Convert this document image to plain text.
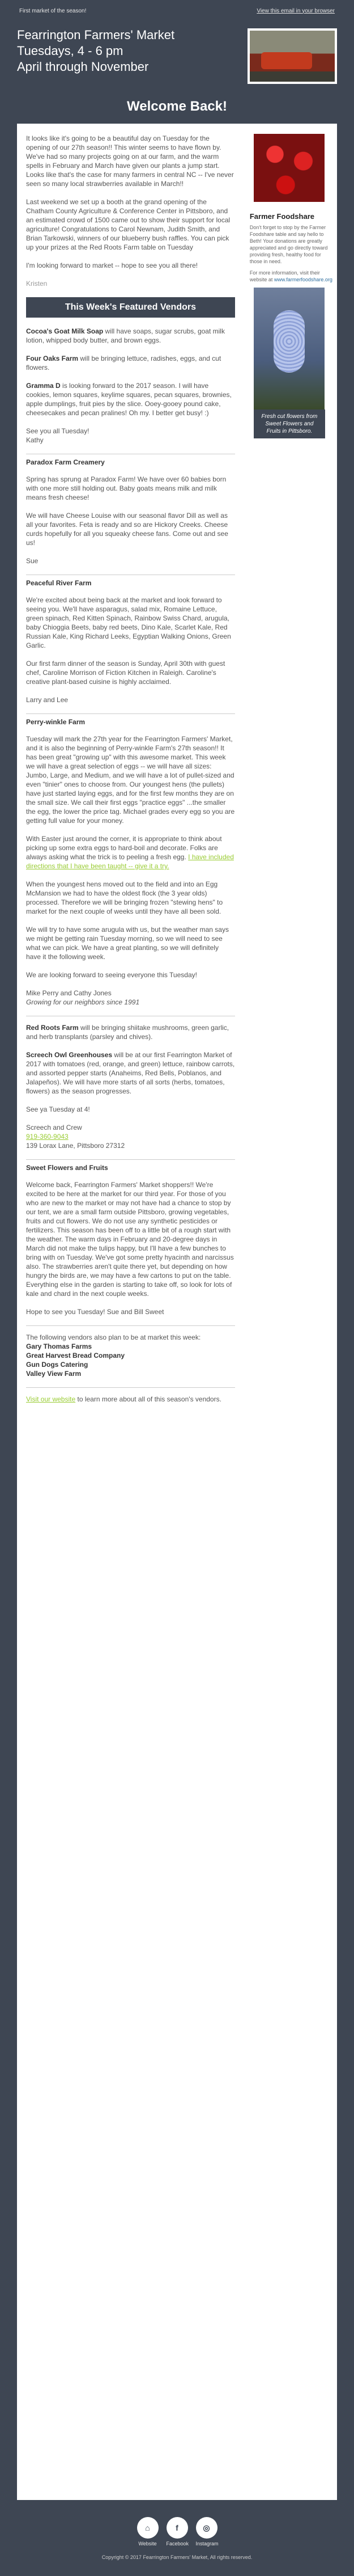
First market of the season!	View this email in your browser
Fearrington Farmers' Market
Tuesdays, 4 - 6 pm
April through November
Welcome Back!

It looks like it's going to be a beautiful day on Tuesday for the opening of our 27th season!! This winter seems to have flown by. We've had so many projects going on at our farm, and the warm spells in February and March have given our plants a jump start. Looks like that's the case for many farmers in central NC -- I've never seen so many local strawberries available in March!!

Last weekend we set up a booth at the grand opening of the Chatham County Agriculture & Conference Center in Pittsboro, and an estimated crowd of 1500 came out to show their support for local agriculture! Congratulations to Carol Newnam, Judith Smith, and Brian Tarkowski, winners of our blueberry bush raffles. You can pick up your prizes at the Red Roots Farm table on Tuesday

I'm looking forward to market -- hope to see you all there!

Kristen

This Week's Featured Vendors

Cocoa's Goat Milk Soap will have soaps, sugar scrubs, goat milk lotion, whipped body butter, and brown eggs.

Four Oaks Farm will be bringing lettuce, radishes, eggs, and cut flowers.

Gramma D is looking forward to the 2017 season. I will have cookies, lemon squares, keylime squares, pecan squares, brownies, apple dumplings, fruit pies by the slice. Ooey-gooey pound cake, cheesecakes and pecan pralines! Oh my. I better get busy! :)

See you all Tuesday!
Kathy

Paradox Farm Creamery

Spring has sprung at Paradox Farm! We have over 60 babies born with one more still holding out. Baby goats means milk and milk means fresh cheese!

We will have Cheese Louise with our seasonal flavor Dill as well as all your favorites. Feta is ready and so are Hickory Creeks. Cheese curds hopefully for all you squeaky cheese fans. Come out and see us!

Sue

Peaceful River Farm

We're excited about being back at the market and look forward to seeing you. We'll have asparagus, salad mix, Romaine Lettuce, green spinach, Red Kitten Spinach, Rainbow Swiss Chard, arugula, baby Chioggia Beets, baby red beets, Dino Kale, Scarlet Kale, Red Russian Kale, King Richard Leeks, Egyptian Walking Onions, Green Garlic.

Our first farm dinner of the season is Sunday, April 30th with guest chef, Caroline Morrison of Fiction Kitchen in Raleigh. Caroline's creative plant-based cuisine is highly acclaimed.

Larry and Lee

Perry-winkle Farm

Tuesday will mark the 27th year for the Fearrington Farmers' Market, and it is also the beginning of Perry-winkle Farm's 27th season!! It has been great "growing up" with this awesome market. This week we will have a great selection of eggs -- we will have all sizes: Jumbo, Large, and Medium, and we will have a lot of pullet-sized and even "tinier" ones to choose from. Our youngest hens (the pullets) have just started laying eggs, and for the first few months they are on the small size. We call their first eggs "practice eggs" ...the smaller the egg, the lower the price tag. Michael grades every egg so you are getting full value for your money.

With Easter just around the corner, it is appropriate to think about picking up some extra eggs to hard-boil and decorate. Folks are always asking what the trick is to peeling a fresh egg. I have included directions that I have been taught -- give it a try.

When the youngest hens moved out to the field and into an Egg McMansion we had to have the oldest flock (the 3 year olds) processed. Therefore we will be bringing frozen "stewing hens" to market for the next couple of weeks until they have all been sold.

We will try to have some arugula with us, but the weather man says we might be getting rain Tuesday morning, so we will need to see what we can pick. We have a great planting, so we will definitely have it the following week.

We are looking forward to seeing everyone this Tuesday!

Mike Perry and Cathy Jones
Growing for our neighbors since 1991

Red Roots Farm will be bringing shiitake mushrooms, green garlic, and herb transplants (parsley and chives).

Screech Owl Greenhouses will be at our first Fearrington Market of 2017 with tomatoes (red, orange, and green) lettuce, rainbow carrots, and assorted pepper starts (Anaheims, Red Bells, Poblanos, and Jalapeños). We will have more starts of all sorts (herbs, tomatoes, flowers) as the season progresses.

See ya Tuesday at 4!

Screech and Crew
919-360-9043
139 Lorax Lane, Pittsboro 27312

Sweet Flowers and Fruits

Welcome back, Fearrington Farmers' Market shoppers!! We're excited to be here at the market for our third year. For those of you who are new to the market or may not have had a chance to stop by our tent, we are a small farm outside Pittsboro, growing vegetables, fruits and cut flowers. We do not use any synthetic pesticides or fertilizers. This season has been off to a little bit of a rough start with the weather. The warm days in February and 20-degree days in March did not make the tulips happy, but I'll have a few bunches to bring with on Tuesday. We've got some pretty hyacinth and narcissus also. The strawberries aren't quite there yet, but depending on how hungry the birds are, we may have a few cartons to put on the table. Everything else in the garden is starting to take off, so look for lots of kale and chard in the next couple weeks.

Hope to see you Tuesday! Sue and Bill Sweet

The following vendors also plan to be at market this week:
Gary Thomas Farms
Great Harvest Bread Company
Gun Dogs Catering
Valley View Farm

Visit our website to learn more about all of this season's vendors.

Farmer Foodshare

Don't forget to stop by the Farmer Foodshare table and say hello to Beth! Your donations are greatly appreciated and go directly toward providing fresh, healthy food for those in need.

For more information, visit their website at www.farmerfoodshare.org

Fresh cut flowers from Sweet Flowers and Fruits in Pittsboro.
⌂	f	◎
Website	Facebook Instagram
Copyright © 2017 Fearrington Farmers' Market, All rights reserved.
